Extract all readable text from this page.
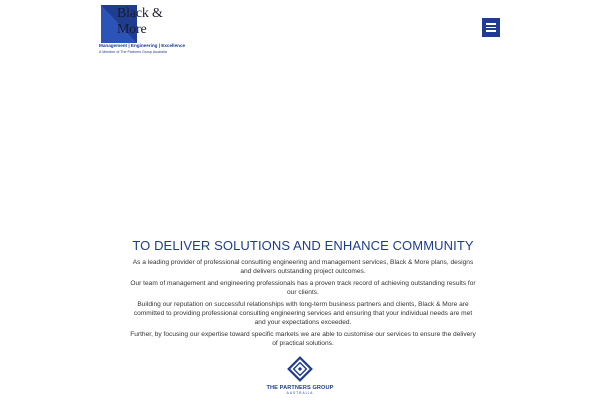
Black &
More
Management | Engineering | Excellence
A Member of The Partners Group Australia
TO DELIVER SOLUTIONS AND ENHANCE COMMUNITY

As a leading provider of professional consulting engineering and management services, Black & More plans, designs and delivers outstanding project outcomes.

Our team of management and engineering professionals has a proven track record of achieving outstanding results for our clients.

Building our reputation on successful relationships with long-term business partners and clients, Black & More are committed to providing professional consulting engineering services and ensuring that your individual needs are met and your expectations exceeded.

Further, by focusing our expertise toward specific markets we are able to customise our services to ensure the delivery of practical solutions.

THE PARTNERS GROUP
AUSTRALIA
